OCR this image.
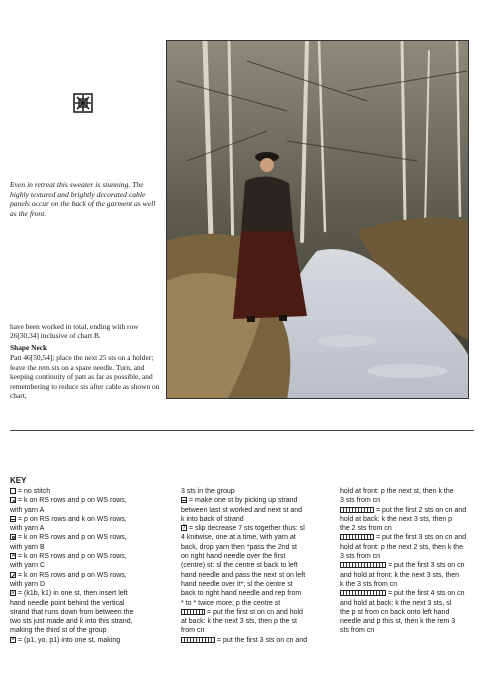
Even in retreat this sweater is stunning. The highly textured and brightly decorated cable panels occur on the back of the garment as well as the front.
have been worked in total, ending with row 26[30,34] inclusive of chart B.
Shape Neck
Patt 46[50,54]; place the next 25 sts on a holder; leave the rem sts on a spare needle. Turn, and keeping continuity of patt as far as possible, and remembering to reduce sts after cable as shown on chart,
KEY
= no stitch
= k on RS rows and p on WS rows,
with yarn A
= p on RS rows and k on WS rows,
with yarn A
= k on RS rows and p on WS rows,
with yarn B
✕= k on RS rows and p on WS rows,
with yarn C
= k on RS rows and p on WS rows,
with yarn D
v= (k1b, k1) in one st, then insert left
hand needle point behind the vertical
strand that runs down from between the
two sts just made and k into this strand,
making the third st of the group
v= (p1, yo, p1) into one st, making
3 sts in the group
= make one st by picking up strand
between last st worked and next st and
k into back of strand
7= slip decrease 7 sts together thus: sl
4 knitwise, one at a time, with yarn at
back, drop yarn then *pass the 2nd st
on right hand needle over the first
(centre) st: sl the centre st back to left
hand needle and pass the next st on left
hand needle over it*; sl the centre st
back to right hand needle and rep from
* to * twice more; p the centre st
= put the first st on cn and hold
at back: k the next 3 sts, then p the st
from cn
= put the first 3 sts on cn and
hold at front: p the next st, then k the
3 sts from cn
= put the first 2 sts on cn and
hold at back: k the next 3 sts, then p
the 2 sts from cn
= put the first 3 sts on cn and
hold at front: p the next 2 sts, then k the
3 sts from cn
= put the first 3 sts on cn
and hold at front: k the next 3 sts, then
k the 3 sts from cn
= put the first 4 sts on cn
and hold at back: k the next 3 sts, sl
the p st from cn back onto left hand
needle and p this st, then k the rem 3
sts from cn
